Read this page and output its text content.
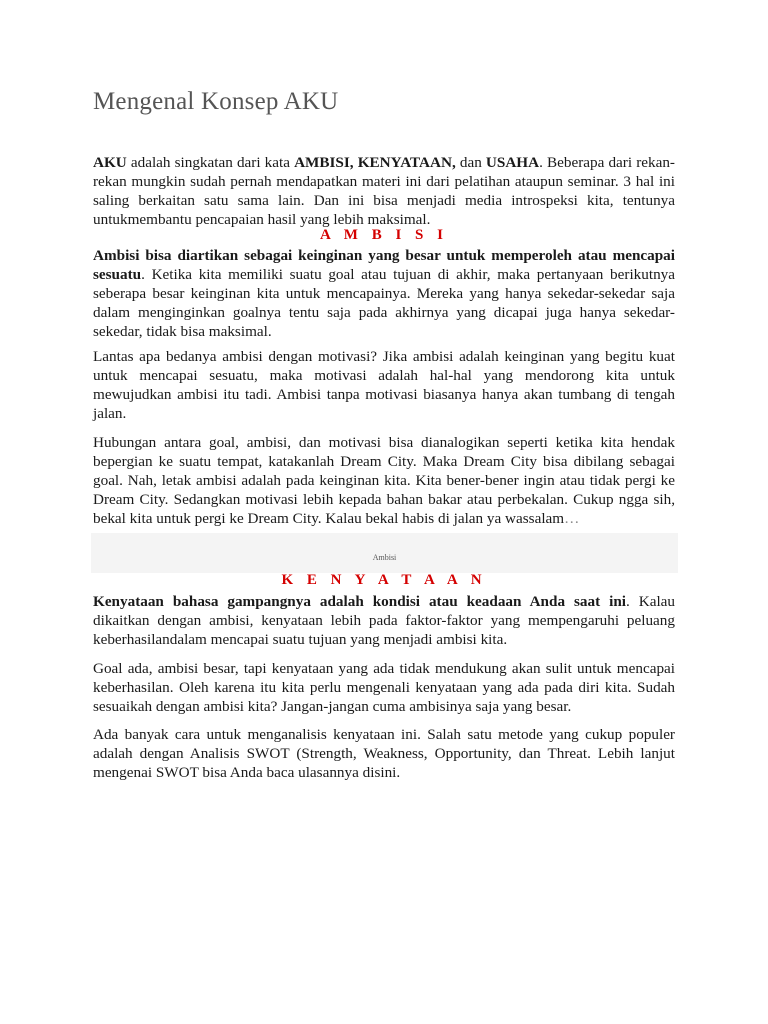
Mengenal Konsep AKU

AKU adalah singkatan dari kata AMBISI, KENYATAAN, dan USAHA. Beberapa dari rekan-rekan mungkin sudah pernah mendapatkan materi ini dari pelatihan ataupun seminar. 3 hal ini saling berkaitan satu sama lain. Dan ini bisa menjadi media introspeksi kita, tentunya untukmembantu pencapaian hasil yang lebih maksimal.

A M B I S I

Ambisi bisa diartikan sebagai keinginan yang besar untuk memperoleh atau mencapai sesuatu. Ketika kita memiliki suatu goal atau tujuan di akhir, maka pertanyaan berikutnya seberapa besar keinginan kita untuk mencapainya. Mereka yang hanya sekedar-sekedar saja dalam menginginkan goalnya tentu saja pada akhirnya yang dicapai juga hanya sekedar-sekedar, tidak bisa maksimal.

Lantas apa bedanya ambisi dengan motivasi? Jika ambisi adalah keinginan yang begitu kuat untuk mencapai sesuatu, maka motivasi adalah hal-hal yang mendorong kita untuk mewujudkan ambisi itu tadi. Ambisi tanpa motivasi biasanya hanya akan tumbang di tengah jalan.

Hubungan antara goal, ambisi, dan motivasi bisa dianalogikan seperti ketika kita hendak bepergian ke suatu tempat, katakanlah Dream City. Maka Dream City bisa dibilang sebagai goal. Nah, letak ambisi adalah pada keinginan kita. Kita bener-bener ingin atau tidak pergi ke Dream City. Sedangkan motivasi lebih kepada bahan bakar atau perbekalan. Cukup ngga sih, bekal kita untuk pergi ke Dream City. Kalau bekal habis di jalan ya wassalam…

Ambisi
K E N Y A T A A N

Kenyataan bahasa gampangnya adalah kondisi atau keadaan Anda saat ini. Kalau dikaitkan dengan ambisi, kenyataan lebih pada faktor-faktor yang mempengaruhi peluang keberhasilandalam mencapai suatu tujuan yang menjadi ambisi kita.

Goal ada, ambisi besar, tapi kenyataan yang ada tidak mendukung akan sulit untuk mencapai keberhasilan. Oleh karena itu kita perlu mengenali kenyataan yang ada pada diri kita. Sudah sesuaikah dengan ambisi kita? Jangan-jangan cuma ambisinya saja yang besar.

Ada banyak cara untuk menganalisis kenyataan ini. Salah satu metode yang cukup populer adalah dengan Analisis SWOT (Strength, Weakness, Opportunity, dan Threat. Lebih lanjut mengenai SWOT bisa Anda baca ulasannya disini.
